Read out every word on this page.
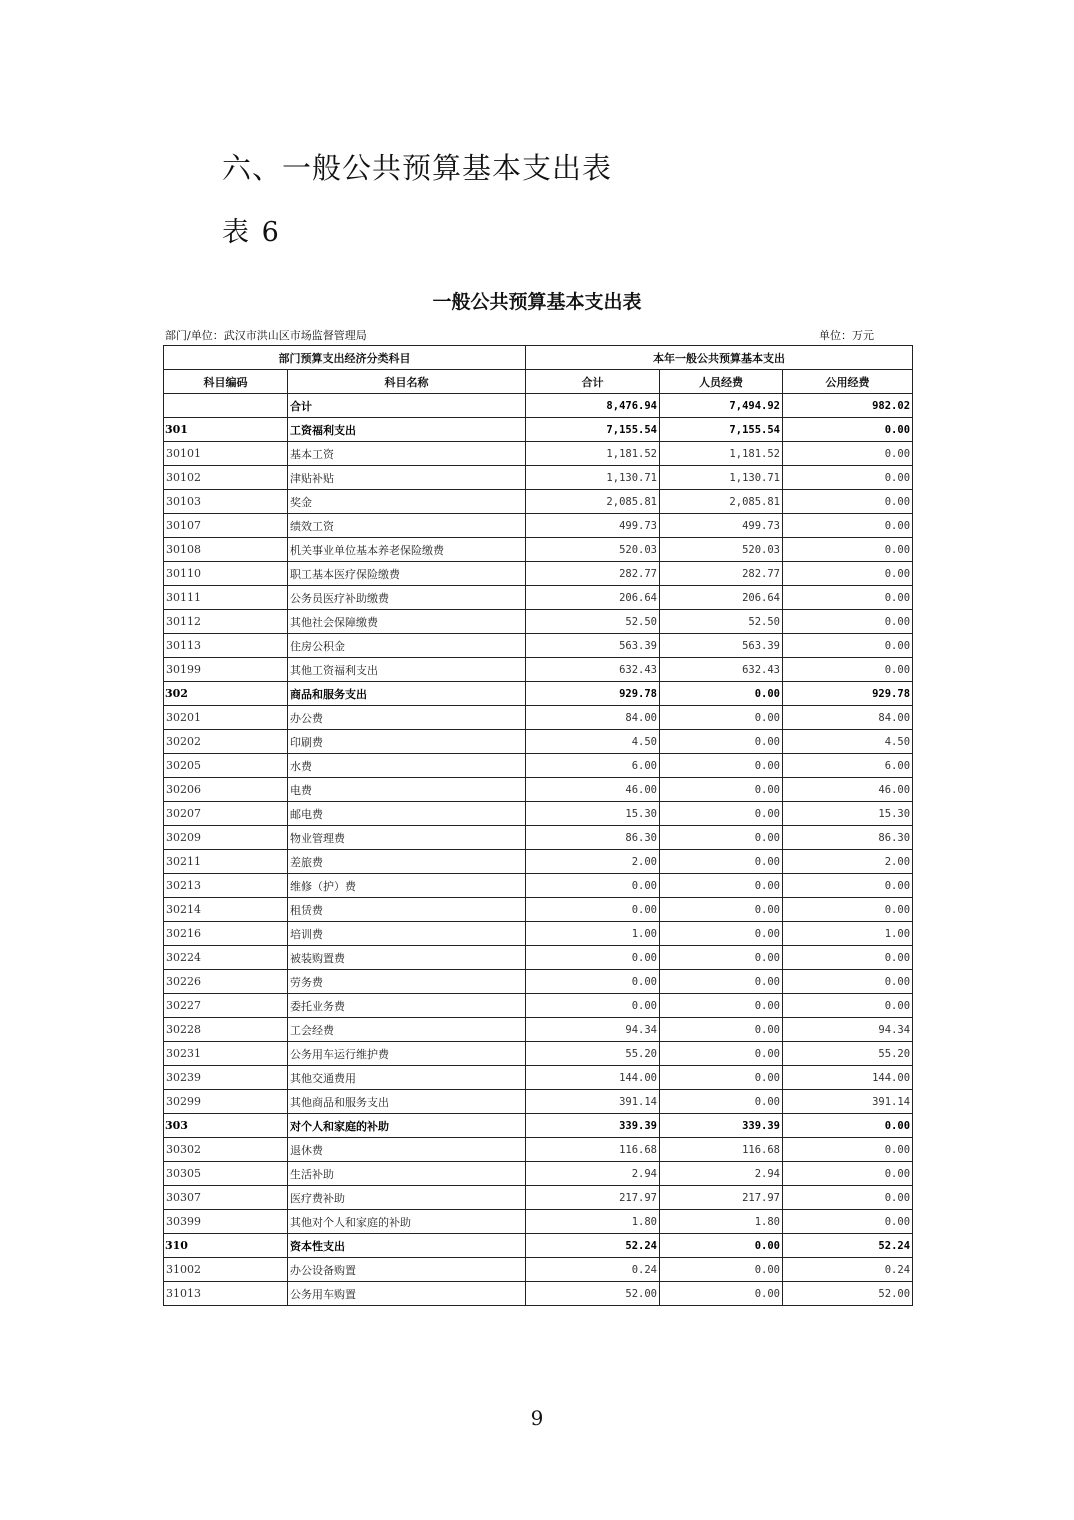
六、一般公共预算基本支出表
表 6
一般公共预算基本支出表
部门/单位：武汉市洪山区市场监督管理局	单位：万元
部门预算支出经济分类科目		本年一般公共预算基本支出		
科目编码	科目名称	合计	人员经费	公用经费
	合计	8,476.94	7,494.92	982.02
301	工资福利支出	7,155.54	7,155.54	0.00
30101	基本工资	1,181.52	1,181.52	0.00
30102	津贴补贴	1,130.71	1,130.71	0.00
30103	奖金	2,085.81	2,085.81	0.00
30107	绩效工资	499.73	499.73	0.00
30108	机关事业单位基本养老保险缴费	520.03	520.03	0.00
30110	职工基本医疗保险缴费	282.77	282.77	0.00
30111	公务员医疗补助缴费	206.64	206.64	0.00
30112	其他社会保障缴费	52.50	52.50	0.00
30113	住房公积金	563.39	563.39	0.00
30199	其他工资福利支出	632.43	632.43	0.00
302	商品和服务支出	929.78	0.00	929.78
30201	办公费	84.00	0.00	84.00
30202	印刷费	4.50	0.00	4.50
30205	水费	6.00	0.00	6.00
30206	电费	46.00	0.00	46.00
30207	邮电费	15.30	0.00	15.30
30209	物业管理费	86.30	0.00	86.30
30211	差旅费	2.00	0.00	2.00
30213	维修（护）费	0.00	0.00	0.00
30214	租赁费	0.00	0.00	0.00
30216	培训费	1.00	0.00	1.00
30224	被装购置费	0.00	0.00	0.00
30226	劳务费	0.00	0.00	0.00
30227	委托业务费	0.00	0.00	0.00
30228	工会经费	94.34	0.00	94.34
30231	公务用车运行维护费	55.20	0.00	55.20
30239	其他交通费用	144.00	0.00	144.00
30299	其他商品和服务支出	391.14	0.00	391.14
303	对个人和家庭的补助	339.39	339.39	0.00
30302	退休费	116.68	116.68	0.00
30305	生活补助	2.94	2.94	0.00
30307	医疗费补助	217.97	217.97	0.00
30399	其他对个人和家庭的补助	1.80	1.80	0.00
310	资本性支出	52.24	0.00	52.24
31002	办公设备购置	0.24	0.00	0.24
31013	公务用车购置	52.00	0.00	52.00
9
